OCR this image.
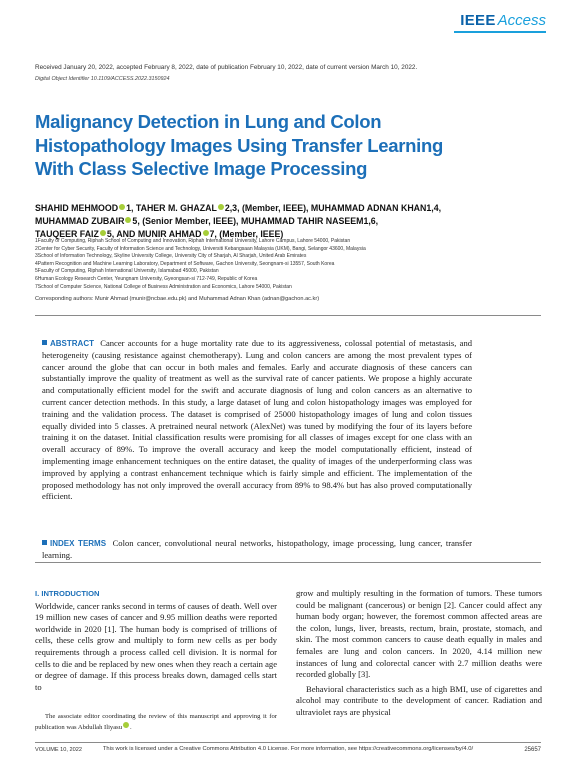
IEEE Access
Received January 20, 2022, accepted February 8, 2022, date of publication February 10, 2022, date of current version March 10, 2022.
Digital Object Identifier 10.1109/ACCESS.2022.3150924
Malignancy Detection in Lung and Colon
Histopathology Images Using Transfer Learning
With Class Selective Image Processing
SHAHID MEHMOOD 1, TAHER M. GHAZAL 2,3, (Member, IEEE), MUHAMMAD ADNAN KHAN1,4,
MUHAMMAD ZUBAIR 5, (Senior Member, IEEE), MUHAMMAD TAHIR NASEEM1,6,
TAUQEER FAIZ 5, AND MUNIR AHMAD 7, (Member, IEEE)
1Faculty of Computing, Riphah School of Computing and Innovation, Riphah International University, Lahore Campus, Lahore 54000, Pakistan
2Center for Cyber Security, Faculty of Information Science and Technology, Universiti Kebangsaan Malaysia (UKM), Bangi, Selangor 43600, Malaysia
3School of Information Technology, Skyline University College, University City of Sharjah, Al Sharjah, United Arab Emirates
4Pattern Recognition and Machine Learning Laboratory, Department of Software, Gachon University, Seongnam-si 13557, South Korea
5Faculty of Computing, Riphah International University, Islamabad 45000, Pakistan
6Human Ecology Research Center, Yeungnam University, Gyeongsan-si 712-749, Republic of Korea
7School of Computer Science, National College of Business Administration and Economics, Lahore 54000, Pakistan
Corresponding authors: Munir Ahmad (munir@ncbae.edu.pk) and Muhammad Adnan Khan (adnan@gachon.ac.kr)
ABSTRACT Cancer accounts for a huge mortality rate due to its aggressiveness, colossal potential of metastasis, and heterogeneity (causing resistance against chemotherapy). Lung and colon cancers are among the most prevalent types of cancer around the globe that can occur in both males and females. Early and accurate diagnosis of these cancers can substantially improve the quality of treatment as well as the survival rate of cancer patients. We propose a highly accurate and computationally efficient model for the swift and accurate diagnosis of lung and colon cancers as an alternative to current cancer detection methods. In this study, a large dataset of lung and colon histopathology images was employed for training and the validation process. The dataset is comprised of 25000 histopathology images of lung and colon tissues equally divided into 5 classes. A pretrained neural network (AlexNet) was tuned by modifying the four of its layers before training it on the dataset. Initial classification results were promising for all classes of images except for one class with an overall accuracy of 89%. To improve the overall accuracy and keep the model computationally efficient, instead of implementing image enhancement techniques on the entire dataset, the quality of images of the underperforming class was improved by applying a contrast enhancement technique which is fairly simple and efficient. The implementation of the proposed methodology has not only improved the overall accuracy from 89% to 98.4% but has also proved computationally efficient.
INDEX TERMS Colon cancer, convolutional neural networks, histopathology, image processing, lung cancer, transfer learning.
I. INTRODUCTION
Worldwide, cancer ranks second in terms of causes of death. Well over 19 million new cases of cancer and 9.95 million deaths were reported worldwide in 2020 [1]. The human body is comprised of trillions of cells, these cells grow and multiply to form new cells as per body requirements through a process called cell division. It is normal for cells to die and be replaced by new ones when they reach a certain age or degree of damage. If this process breaks down, damaged cells start to
grow and multiply resulting in the formation of tumors. These tumors could be malignant (cancerous) or benign [2]. Cancer could affect any human body organ; however, the foremost common affected areas are the colon, lungs, liver, breasts, rectum, brain, prostate, stomach, and skin. The most common cancers to cause death equally in males and females are lung and colon cancers. In 2020, 4.14 million new instances of lung and colorectal cancer with 2.7 million deaths were recorded globally [3].
Behavioral characteristics such as a high BMI, use of cigarettes and alcohol may contribute to the development of cancer. Radiation and ultraviolet rays are physical
The associate editor coordinating the review of this manuscript and approving it for publication was Abdullah Iliyasu .
VOLUME 10, 2022	This work is licensed under a Creative Commons Attribution 4.0 License. For more information, see https://creativecommons.org/licenses/by/4.0/	25657
